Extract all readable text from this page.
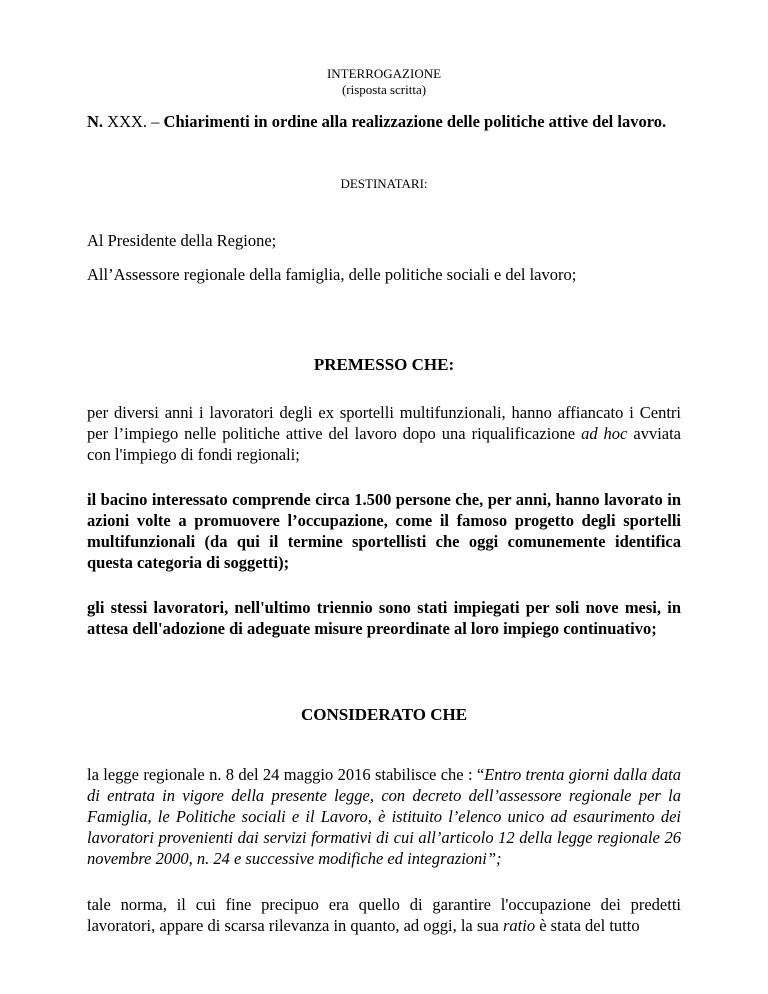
INTERROGAZIONE
(risposta scritta)
N. XXX. – Chiarimenti in ordine alla realizzazione delle politiche attive del lavoro.
DESTINATARI:
Al Presidente della Regione;
All’Assessore regionale della famiglia, delle politiche sociali e del lavoro;
PREMESSO CHE:

per diversi anni i lavoratori degli ex sportelli multifunzionali, hanno affiancato i Centri per l’impiego nelle politiche attive del lavoro dopo una riqualificazione ad hoc avviata con l'impiego di fondi regionali;

il bacino interessato comprende circa 1.500 persone che, per anni, hanno lavorato in azioni volte a promuovere l’occupazione, come il famoso progetto degli sportelli multifunzionali (da qui il termine sportellisti che oggi comunemente identifica questa categoria di soggetti);

gli stessi lavoratori, nell'ultimo triennio sono stati impiegati per soli nove mesi, in attesa dell'adozione di adeguate misure preordinate al loro impiego continuativo;

CONSIDERATO CHE

la legge regionale n. 8 del 24 maggio 2016 stabilisce che : “Entro trenta giorni dalla data di entrata in vigore della presente legge, con decreto dell’assessore regionale per la Famiglia, le Politiche sociali e il Lavoro, è istituito l’elenco unico ad esaurimento dei lavoratori provenienti dai servizi formativi di cui all’articolo 12 della legge regionale 26 novembre 2000, n. 24 e successive modifiche ed integrazioni”;

tale norma, il cui fine precipuo era quello di garantire l'occupazione dei predetti lavoratori, appare di scarsa rilevanza in quanto, ad oggi, la sua ratio è stata del tutto
